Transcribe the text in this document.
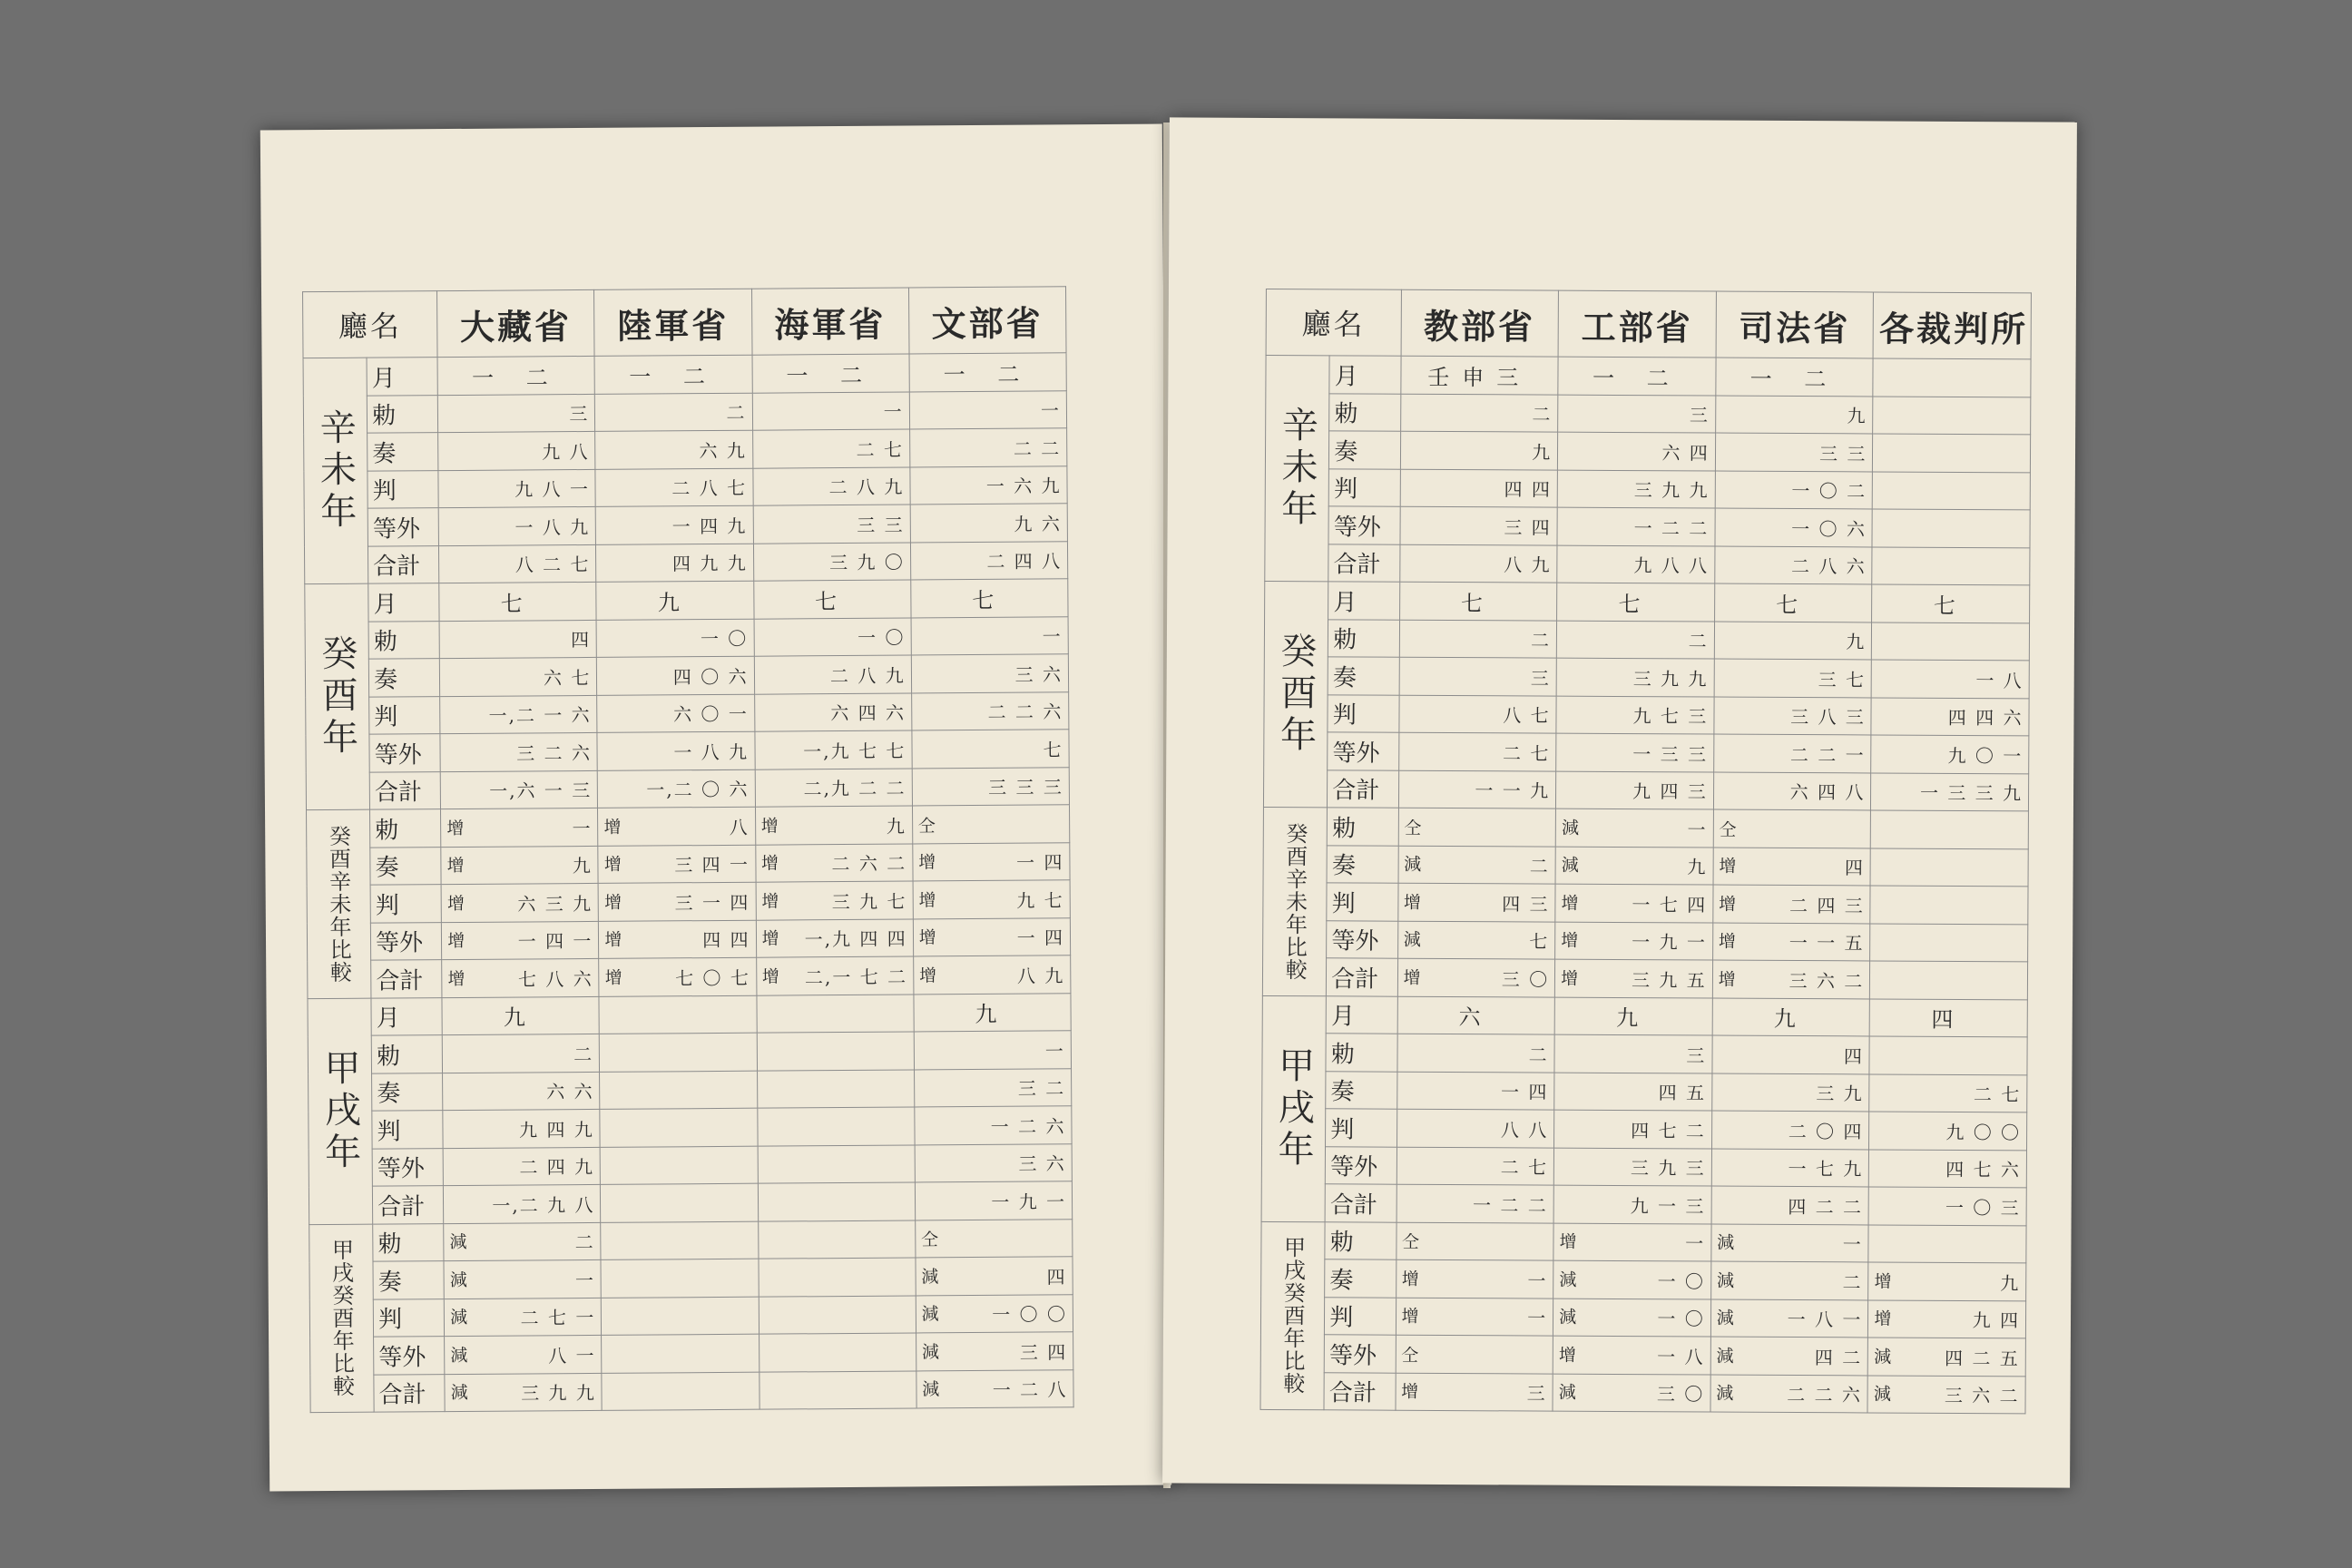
廳名		大藏省	陸軍省	海軍省	文部省
辛未年	月	一 二	一 二	一 二	一 二
	勅	三	二	一	一
	奏	九 八	六 九	二 七	二 二
	判	九 八 一	二 八 七	二 八 九	一 六 九
	等外	一 八 九	一 四 九	三 三	九 六
	合計	八 二 七	四 九 九	三 九 〇	二 四 八
癸酉年	月	七	九	七	七
	勅	四	一 〇	一 〇	一
	奏	六 七	四 〇 六	二 八 九	三 六
	判	一,二 一 六	六 〇 一	六 四 六	二 二 六
	等外	三 二 六	一 八 九	一,九 七 七	七
	合計	一,六 一 三	一,二 〇 六	二,九 二 二	三 三 三
癸酉辛未年比較	勅	增 一	增 八	增 九	仝

	奏	增 九	增 三 四 一	增 二 六 二	增 一 四

	判	增 六 三 九	增 三 一 四	增 三 九 七	增 九 七

	等外	增 一 四 一	增 四 四	增 一,九 四 四	增 一 四

	合計	增 七 八 六	增 七 〇 七	增 二,一 七 二	增 八 九

甲戌年	月	九			九
	勅	二			一
	奏	六 六			三 二
	判	九 四 九			一 二 六
	等外	二 四 九			三 六
	合計	一,二 九 八			一 九 一
甲戌癸酉年比較	勅	減 二			仝

	奏	減 一			減 四

	判	減 二 七 一			減 一 〇 〇

	等外	減 八 一			減 三 四

	合計	減 三 九 九			減 一 二 八
廳名		教部省	工部省	司法省	各裁判所
辛未年	月	壬申三	一 二	一 二	
	勅	二	三	九	
	奏	九	六 四	三 三	
	判	四 四	三 九 九	一 〇 二	
	等外	三 四	一 二 二	一 〇 六	
	合計	八 九	九 八 八	二 八 六	
癸酉年	月	七	七	七	七
	勅	二	二	九	
	奏	三	三 九 九	三 七	一 八
	判	八 七	九 七 三	三 八 三	四 四 六
	等外	二 七	一 三 三	二 二 一	九 〇 一
	合計	一 一 九	九 四 三	六 四 八	一 三 三 九
癸酉辛未年比較	勅	仝	減 一	仝	

	奏	減 二	減 九	增 四	

	判	增 四 三	增 一 七 四	增 二 四 三	

	等外	減 七	增 一 九 一	增 一 一 五	

	合計	增 三 〇	增 三 九 五	增 三 六 二	

甲戌年	月	六	九	九	四
	勅	二	三	四	
	奏	一 四	四 五	三 九	二 七
	判	八 八	四 七 二	二 〇 四	九 〇 〇
	等外	二 七	三 九 三	一 七 九	四 七 六
	合計	一 二 二	九 一 三	四 二 二	一 〇 三
甲戌癸酉年比較	勅	仝	增 一	減 一	

	奏	增 一	減 一 〇	減 二	增 九

	判	增 一	減 一 〇	減 一 八 一	增 九 四

	等外	仝	增 一 八	減 四 二	減 四 二 五

	合計	增 三	減 三 〇	減 二 二 六	減 三 六 二
